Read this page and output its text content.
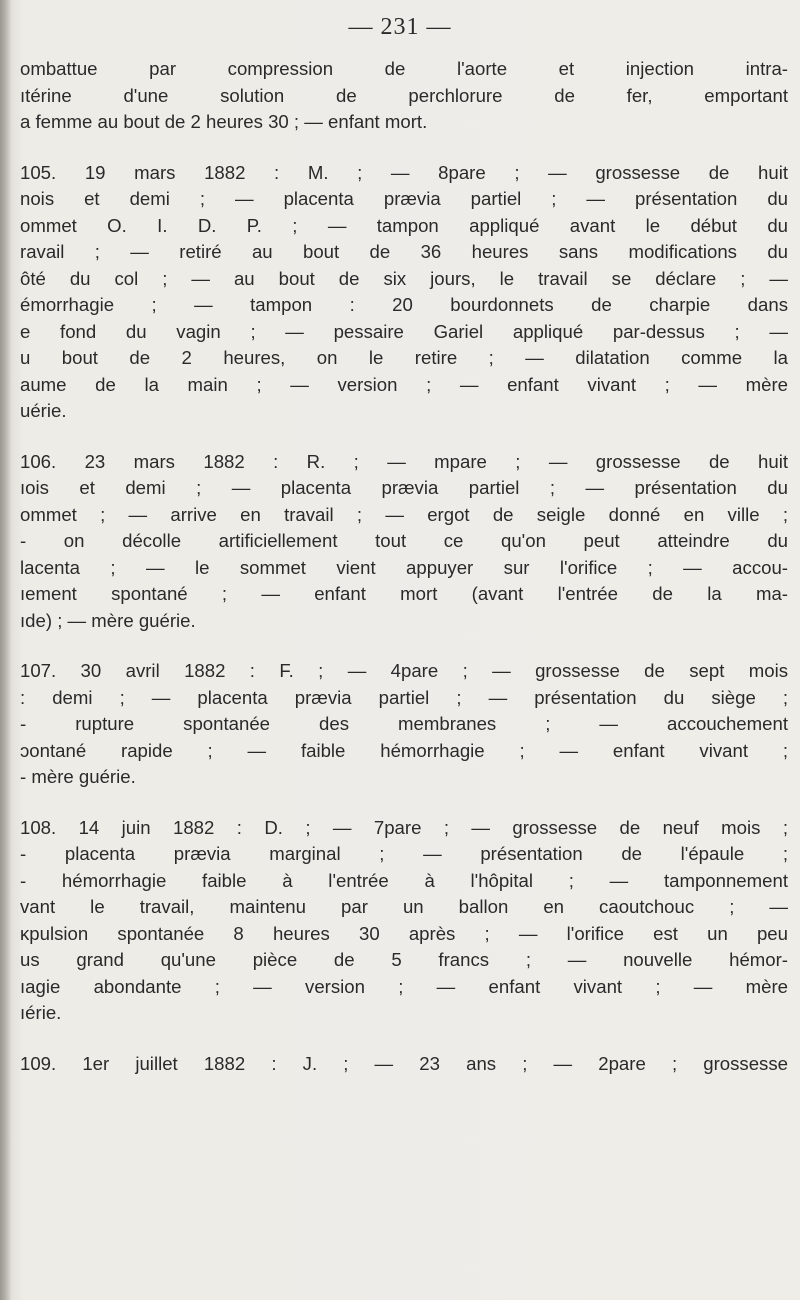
— 231 —
ombattue par compression de l'aorte et injection intra-
ıtérine d'une solution de perchlorure de fer, emportant
a femme au bout de 2 heures 30 ; — enfant mort.
105. 19 mars 1882 : M. ; — 8pare ; — grossesse de huit
nois et demi ; — placenta prævia partiel ; — présentation du
ommet O. I. D. P. ; — tampon appliqué avant le début du
ravail ; — retiré au bout de 36 heures sans modifications du
ôté du col ; — au bout de six jours, le travail se déclare ; —
émorrhagie ; — tampon : 20 bourdonnets de charpie dans
e fond du vagin ; — pessaire Gariel appliqué par-dessus ; —
u bout de 2 heures, on le retire ; — dilatation comme la
aume de la main ; — version ; — enfant vivant ; — mère
uérie.
106. 23 mars 1882 : R. ; — mpare ; — grossesse de huit
ıois et demi ; — placenta prævia partiel ; — présentation du
ommet ; — arrive en travail ; — ergot de seigle donné en ville ;
- on décolle artificiellement tout ce qu'on peut atteindre du
lacenta ; — le sommet vient appuyer sur l'orifice ; — accou-
ıement spontané ; — enfant mort (avant l'entrée de la ma-
ıde) ; — mère guérie.
107. 30 avril 1882 : F. ; — 4pare ; — grossesse de sept mois
: demi ; — placenta prævia partiel ; — présentation du siège ;
- rupture spontanée des membranes ; — accouchement
ɔontané rapide ; — faible hémorrhagie ; — enfant vivant ;
- mère guérie.
108. 14 juin 1882 : D. ; — 7pare ; — grossesse de neuf mois ;
- placenta prævia marginal ; — présentation de l'épaule ;
- hémorrhagie faible à l'entrée à l'hôpital ; — tamponnement
vant le travail, maintenu par un ballon en caoutchouc ; —
κpulsion spontanée 8 heures 30 après ; — l'orifice est un peu
us grand qu'une pièce de 5 francs ; — nouvelle hémor-
ıagie abondante ; — version ; — enfant vivant ; — mère
ıérie.
109. 1er juillet 1882 : J. ; — 23 ans ; — 2pare ; grossesse
